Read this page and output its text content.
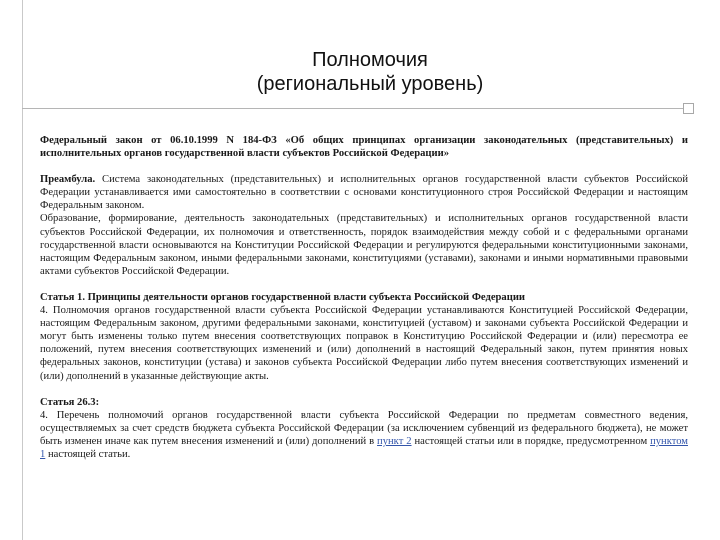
Полномочия
(региональный уровень)

Федеральный закон от 06.10.1999 N 184-ФЗ «Об общих принципах организации законодательных (представительных) и исполнительных органов государственной власти субъектов Российской Федерации»

Преамбула. Система законодательных (представительных) и исполнительных органов государственной власти субъектов Российской Федерации устанавливается ими самостоятельно в соответствии с основами конституционного строя Российской Федерации и настоящим Федеральным законом.

Образование, формирование, деятельность законодательных (представительных) и исполнительных органов государственной власти субъектов Российской Федерации, их полномочия и ответственность, порядок взаимодействия между собой и с федеральными органами государственной власти основываются на Конституции Российской Федерации и регулируются федеральными конституционными законами, настоящим Федеральным законом, иными федеральными законами, конституциями (уставами), законами и иными нормативными правовыми актами субъектов Российской Федерации.

Статья 1. Принципы деятельности органов государственной власти субъекта Российской Федерации

4. Полномочия органов государственной власти субъекта Российской Федерации устанавливаются Конституцией Российской Федерации, настоящим Федеральным законом, другими федеральными законами, конституцией (уставом) и законами субъекта Российской Федерации и могут быть изменены только путем внесения соответствующих поправок в Конституцию Российской Федерации и (или) пересмотра ее положений, путем внесения соответствующих изменений и (или) дополнений в настоящий Федеральный закон, путем принятия новых федеральных законов, конституции (устава) и законов субъекта Российской Федерации либо путем внесения соответствующих изменений и (или) дополнений в указанные действующие акты.

Статья 26.3:

4. Перечень полномочий органов государственной власти субъекта Российской Федерации по предметам совместного ведения, осуществляемых за счет средств бюджета субъекта Российской Федерации (за исключением субвенций из федерального бюджета), не может быть изменен иначе как путем внесения изменений и (или) дополнений в пункт 2 настоящей статьи или в порядке, предусмотренном пунктом 1 настоящей статьи.
